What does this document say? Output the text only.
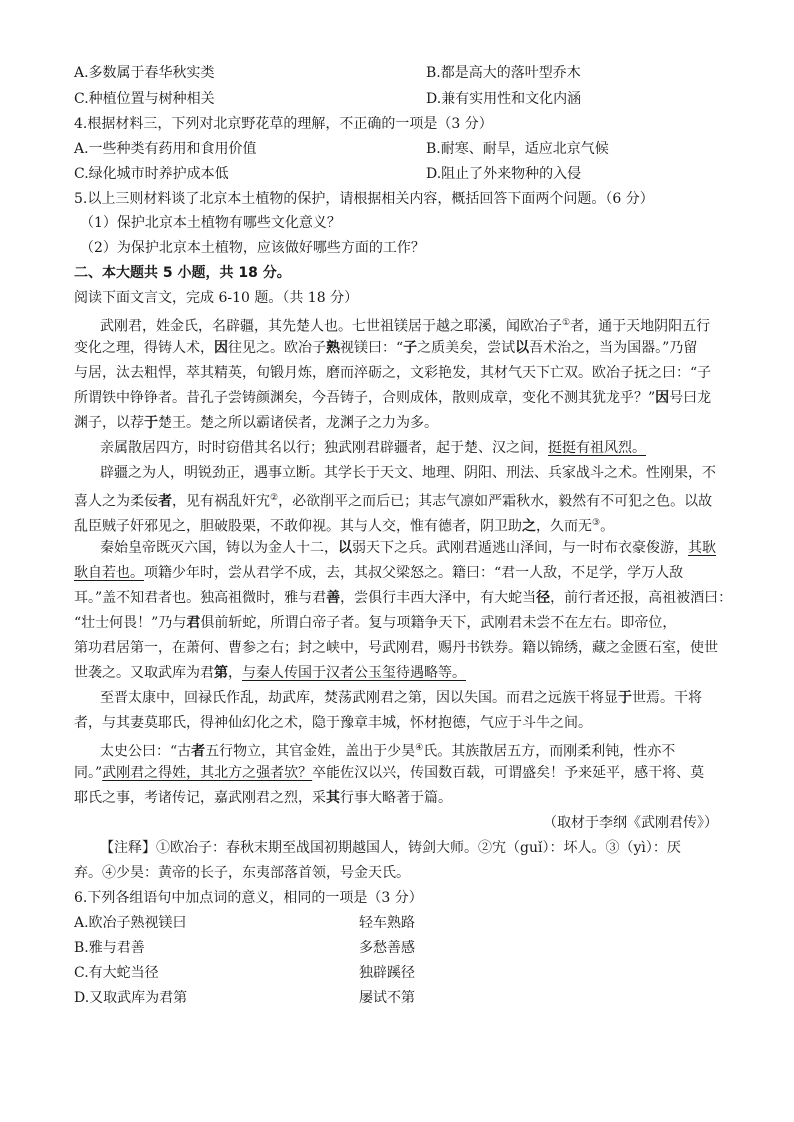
A.多数属于春华秋实类	B.都是高大的落叶型乔木
C.种植位置与树种相关	D.兼有实用性和文化内涵
4.根据材料三，下列对北京野花草的理解，不正确的一项是（3 分）
A.一些种类有药用和食用价值	B.耐寒、耐旱，适应北京气候
C.绿化城市时养护成本低	D.阻止了外来物种的入侵
5.以上三则材料谈了北京本土植物的保护，请根据相关内容，概括回答下面两个问题。（6 分）
（1）保护北京本土植物有哪些文化意义？
（2）为保护北京本土植物，应该做好哪些方面的工作？
二、本大题共 5 小题，共 18 分。
阅读下面文言文，完成 6-10 题。（共 18 分）
武刚君，姓金氏，名辟疆，其先楚人也。七世祖镁居于越之耶溪，闻欧冶子①者，通于天地阴阳五行
变化之理，得铸人术，因往见之。欧冶子熟视镁曰：“子之质美矣，尝试以吾术治之，当为国器。”乃留
与居，汰去粗悍，萃其精英，旬锻月炼，磨而淬砺之，文彩艳发，其材气天下亡双。欧冶子抚之曰：“子
所谓铁中铮铮者。昔孔子尝铸颜渊矣，今吾铸子，合则成体，散则成章，变化不测其犹龙乎？”因号曰龙
渊子，以荐于楚王。楚之所以霸诸侯者，龙渊子之力为多。
亲属散居四方，时时窃借其名以行；独武刚君辟疆者，起于楚、汉之间，挺挺有祖风烈。
辟疆之为人，明锐劲正，遇事立断。其学长于天文、地理、阴阳、刑法、兵家战斗之术。性刚果，不
喜人之为柔佞者，见有祸乱奸宄②，必欲削平之而后已；其志气凛如严霜秋水，毅然有不可犯之色。以故
乱臣贼子奸邪见之，胆破股栗，不敢仰视。其与人交，惟有德者，阴卫助之，久而无③。
秦始皇帝既灭六国，铸以为金人十二，以弱天下之兵。武刚君遁逃山泽间，与一时布衣豪俊游，其耿
耿自若也。项籍少年时，尝从君学不成，去，其叔父梁怒之。籍曰：“君一人敌，不足学，学万人敌
耳。”盖不知君者也。独高祖微时，雅与君善，尝俱行丰西大泽中，有大蛇当径，前行者还报，高祖被酒曰：
“壮士何畏！”乃与君俱前斩蛇，所谓白帝子者。复与项籍争天下，武刚君未尝不在左右。即帝位，
第功君居第一，在萧何、曹参之右；封之峡中，号武刚君，赐丹书铁券。籍以锦绣，藏之金匮石室，使世
世袭之。又取武库为君第，与秦人传国于汉者公玉玺待遇略等。
至晋太康中，回禄氏作乱，劫武库，焚荡武刚君之第，因以失国。而君之远族干将显于世焉。干将
者，与其妻莫耶氏，得神仙幻化之术，隐于豫章丰城，怀材抱德，气应于斗牛之间。
太史公曰：“古者五行物立，其官金姓，盖出于少昊④氏。其族散居五方，而刚柔利钝，性亦不
同。”武刚君之得姓，其北方之强者欤？卒能佐汉以兴，传国数百载，可谓盛矣！予来延平，感干将、莫
耶氏之事，考诸传记，嘉武刚君之烈，采其行事大略著于篇。
（取材于李纲《武刚君传》）
【注释】①欧冶子：春秋末期至战国初期越国人，铸剑大师。②宄（guǐ）：坏人。③（yì）：厌
弃。④少昊：黄帝的长子，东夷部落首领，号金天氏。
6.下列各组语句中加点词的意义，相同的一项是（3 分）
A.欧冶子熟视镁曰	轻车熟路
B.雅与君善	多愁善感
C.有大蛇当径	独辟蹊径
D.又取武库为君第	屡试不第
